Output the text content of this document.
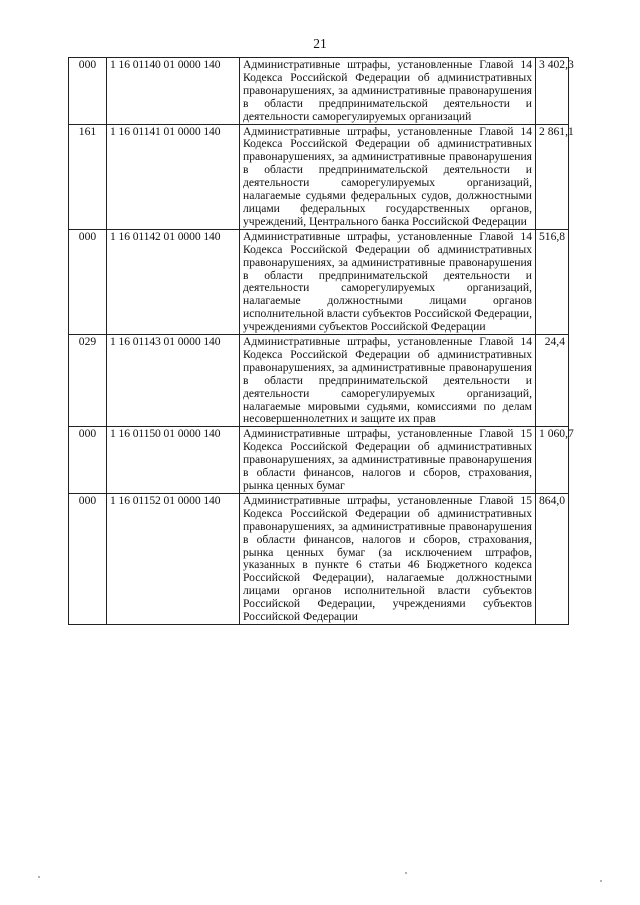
21
000	1 16 01140 01 0000 140	Административные штрафы, установленные Главой 14 Кодекса Российской Федерации об административных правонарушениях, за административные правонарушения в области предпринимательской деятельности и деятельности саморегулируемых организаций	3 402,3
161	1 16 01141 01 0000 140	Административные штрафы, установленные Главой 14 Кодекса Российской Федерации об административных правонарушениях, за административные правонарушения в области предпринимательской деятельности и деятельности саморегулируемых организаций, налагаемые судьями федеральных судов, должностными лицами федеральных государственных органов, учреждений, Центрального банка Российской Федерации	2 861,1
000	1 16 01142 01 0000 140	Административные штрафы, установленные Главой 14 Кодекса Российской Федерации об административных правонарушениях, за административные правонарушения в области предпринимательской деятельности и деятельности саморегулируемых организаций, налагаемые должностными лицами органов исполнительной власти субъектов Российской Федерации, учреждениями субъектов Российской Федерации	516,8
029	1 16 01143 01 0000 140	Административные штрафы, установленные Главой 14 Кодекса Российской Федерации об административных правонарушениях, за административные правонарушения в области предпринимательской деятельности и деятельности саморегулируемых организаций, налагаемые мировыми судьями, комиссиями по делам несовершеннолетних и защите их прав	24,4
000	1 16 01150 01 0000 140	Административные штрафы, установленные Главой 15 Кодекса Российской Федерации об административных правонарушениях, за административные правонарушения в области финансов, налогов и сборов, страхования, рынка ценных бумаг	1 060,7
000	1 16 01152 01 0000 140	Административные штрафы, установленные Главой 15 Кодекса Российской Федерации об административных правонарушениях, за административные правонарушения в области финансов, налогов и сборов, страхования, рынка ценных бумаг (за исключением штрафов, указанных в пункте 6 статьи 46 Бюджетного кодекса Российской Федерации), налагаемые должностными лицами органов исполнительной власти субъектов Российской Федерации, учреждениями субъектов Российской Федерации	864,0
